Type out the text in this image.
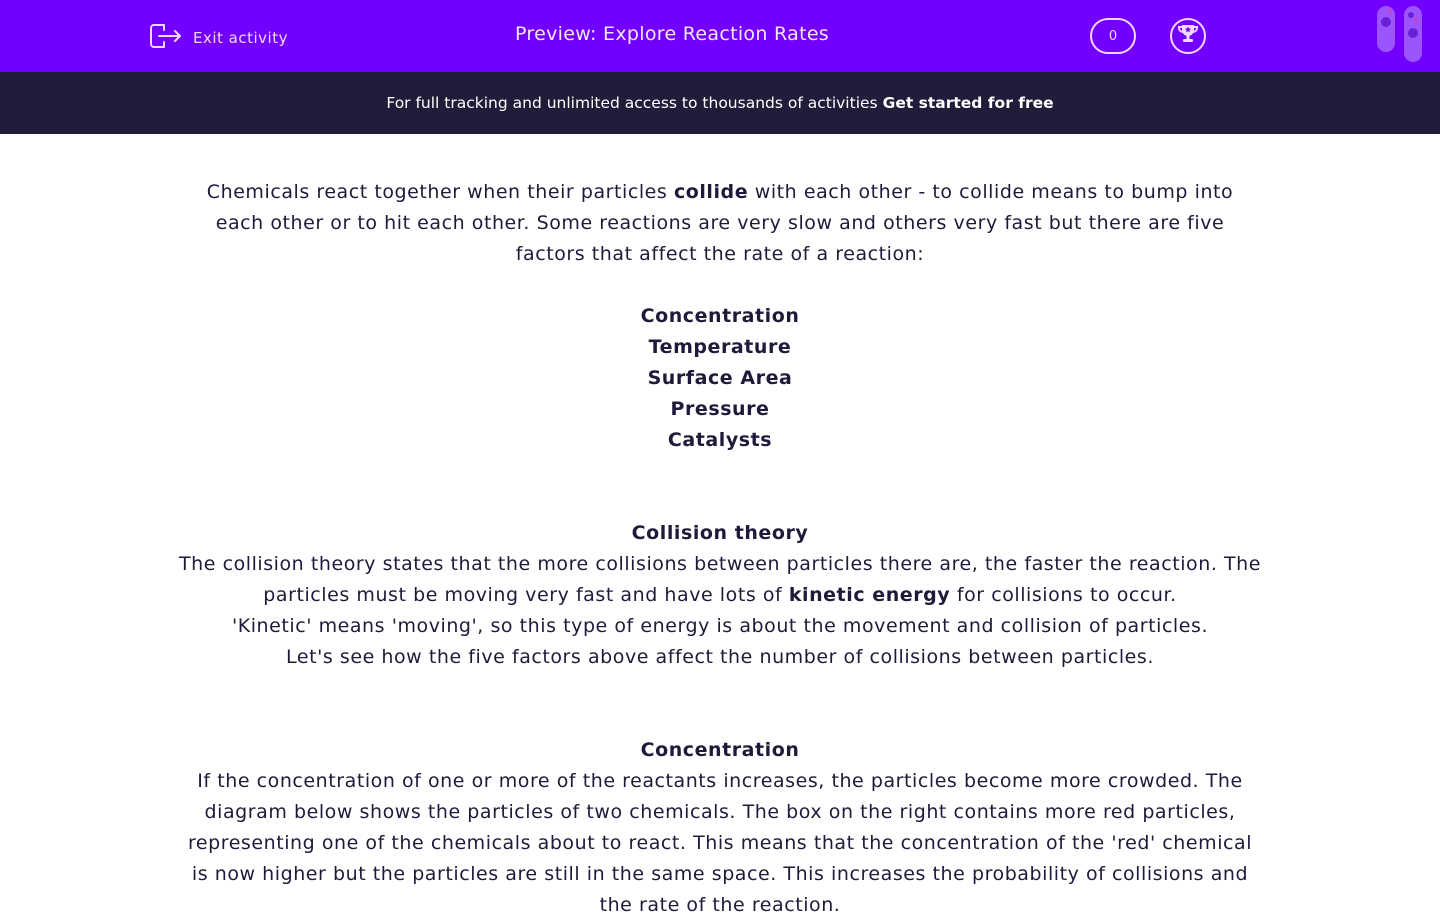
Exit activity	Preview: Explore Reaction Rates	0
For full tracking and unlimited access to thousands of activities Get started for free
Chemicals react together when their particles collide with each other - to collide means to bump into
each other or to hit each other. Some reactions are very slow and others very fast but there are five
factors that affect the rate of a reaction:
Concentration
Temperature
Surface Area
Pressure
Catalysts
Collision theory
The collision theory states that the more collisions between particles there are, the faster the reaction. The
particles must be moving very fast and have lots of kinetic energy for collisions to occur.
'Kinetic' means 'moving', so this type of energy is about the movement and collision of particles.
Let's see how the five factors above affect the number of collisions between particles.
Concentration
If the concentration of one or more of the reactants increases, the particles become more crowded. The
diagram below shows the particles of two chemicals. The box on the right contains more red particles,
representing one of the chemicals about to react. This means that the concentration of the 'red' chemical
is now higher but the particles are still in the same space. This increases the probability of collisions and
the rate of the reaction.
